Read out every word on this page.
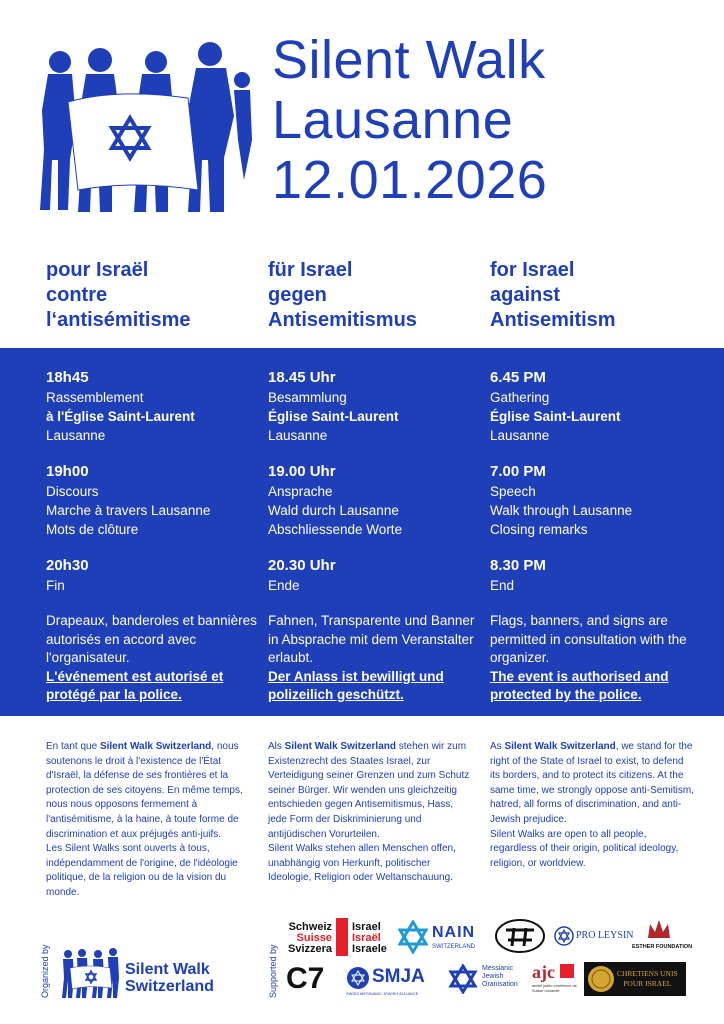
Silent Walk
Lausanne
12.01.2026
pour Israël
contre
l‘antisémitisme
für Israel
gegen
Antisemitismus
for Israel
against
Antisemitism
18h45
Rassemblement
à l'Église Saint-Laurent
Lausanne
19h00
Discours
Marche à travers Lausanne
Mots de clôture
20h30
Fin
Drapeaux, banderoles et bannières autorisés en accord avec l'organisateur.
L'événement est autorisé et protégé par la police.
18.45 Uhr
Besammlung
Église Saint-Laurent
Lausanne
19.00 Uhr
Ansprache
Wald durch Lausanne
Abschliessende Worte
20.30 Uhr
Ende
Fahnen, Transparente und Banner in Absprache mit dem Veranstalter erlaubt.
Der Anlass ist bewilligt und polizeilich geschützt.
6.45 PM
Gathering
Église Saint-Laurent
Lausanne
7.00 PM
Speech
Walk through Lausanne
Closing remarks
8.30 PM
End
Flags, banners, and signs are permitted in consultation with the organizer.
The event is authorised and protected by the police.
En tant que Silent Walk Switzerland, nous soutenons le droit à l'existence de l'État d'Israël, la défense de ses frontières et la protection de ses citoyens. En même temps, nous nous opposons fermement à l'antisémitisme, à la haine, à toute forme de discrimination et aux préjugés anti-juifs.
Les Silent Walks sont ouverts à tous, indépendamment de l'origine, de l'idéologie politique, de la religion ou de la vision du monde.
Als Silent Walk Switzerland stehen wir zum Existenzrecht des Staates Israel, zur Verteidigung seiner Grenzen und zum Schutz seiner Bürger. Wir wenden uns gleichzeitig entschieden gegen Antisemitismus, Hass, jede Form der Diskriminierung und antijüdischen Vorurteilen.
Silent Walks stehen allen Menschen offen, unabhängig von Herkunft, politischer Ideologie, Religion oder Weltanschauung.
As Silent Walk Switzerland, we stand for the right of the State of Israel to exist, to defend its borders, and to protect its citizens. At the same time, we strongly oppose anti-Semitism, hatred, all forms of discrimination, and anti-Jewish prejudice.
Silent Walks are open to all people, regardless of their origin, political ideology, religion, or worldview.
Organized by	Silent Walk
Switzerland	Supported by
Schweiz
Suisse
Svizzera
Israel
Israël
Israele
NAIN
SWITZERLAND
PRO LEYSIN
ESTHER FOUNDATION
C7	SMJA
SWISS MESSIANIC JEWISH ALLIANCE
Messianic
Jewish
Oranisation
ajc
amitié judéo-chrétienne de Suisse romande
CHRETIENS UNIS
POUR ISRAEL
